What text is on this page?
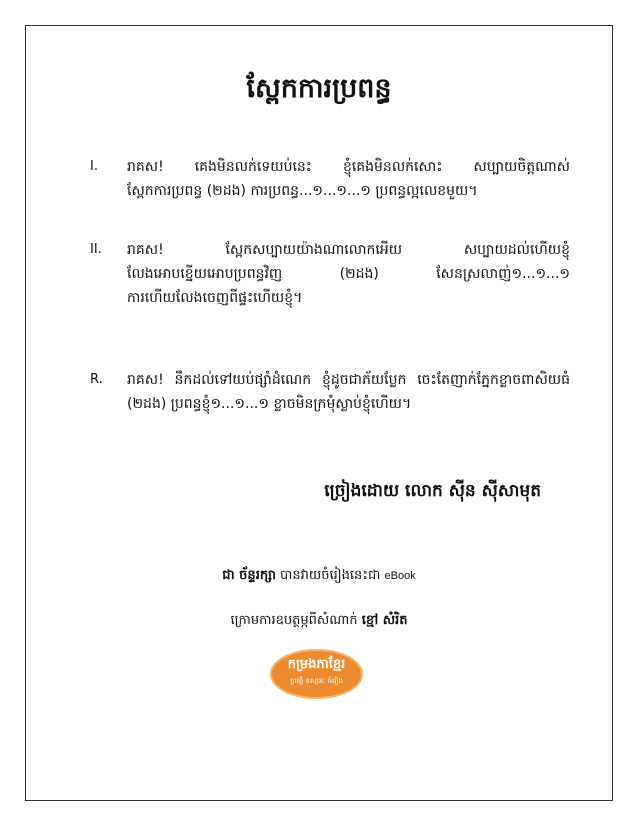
ស្ពែកការប្រពន្ធ
I.	រាគស! គេងមិនលក់ទេយប់នេះ ខ្ញុំគេងមិនលក់សោះ សប្បាយចិត្តណាស់
ស្ពែកការប្រពន្ធ (២ដង) ការប្រពន្ធ...១...១...១ ប្រពន្ធល្អលេខមួយ។
II.	រាគស! ស្ពែកសប្បាយយ៉ាងណាលោកអើយ សប្បាយដល់ហើយខ្ញុំ
លែងអោបខ្នើយអោបប្រពន្ធវិញ (២ដង) សែនស្រលាញ់១...១...១
ការហើយលែងចេញពីផ្ទះហើយខ្ញុំ។
R.	រាគស! នឹកដល់ទៅយប់ផ្សាំដំណេក ខ្ញុំដូចជាភ័យប្លែក ចេះតែញាក់ភ្នែកខ្លាចពាសិយធំ
(២ដង) ប្រពន្ធខ្ញុំ១...១...១ ខ្លាចមិនក្រមុំស្លាប់ខ្ញុំហើយ។
ច្រៀងដោយ លោក ស៊ីន ស៊ីសាមុត
ជា ច័ន្ទរក្សា បានវាយចំរៀងនេះជា eBook
ក្រោមការឧបត្ថម្ភពីសំណាក់ ខ្មៅ សំរិត
កម្រងភាខ្មែរ
ប្រវត្តិ ទស្សនៈ ចំរៀង
